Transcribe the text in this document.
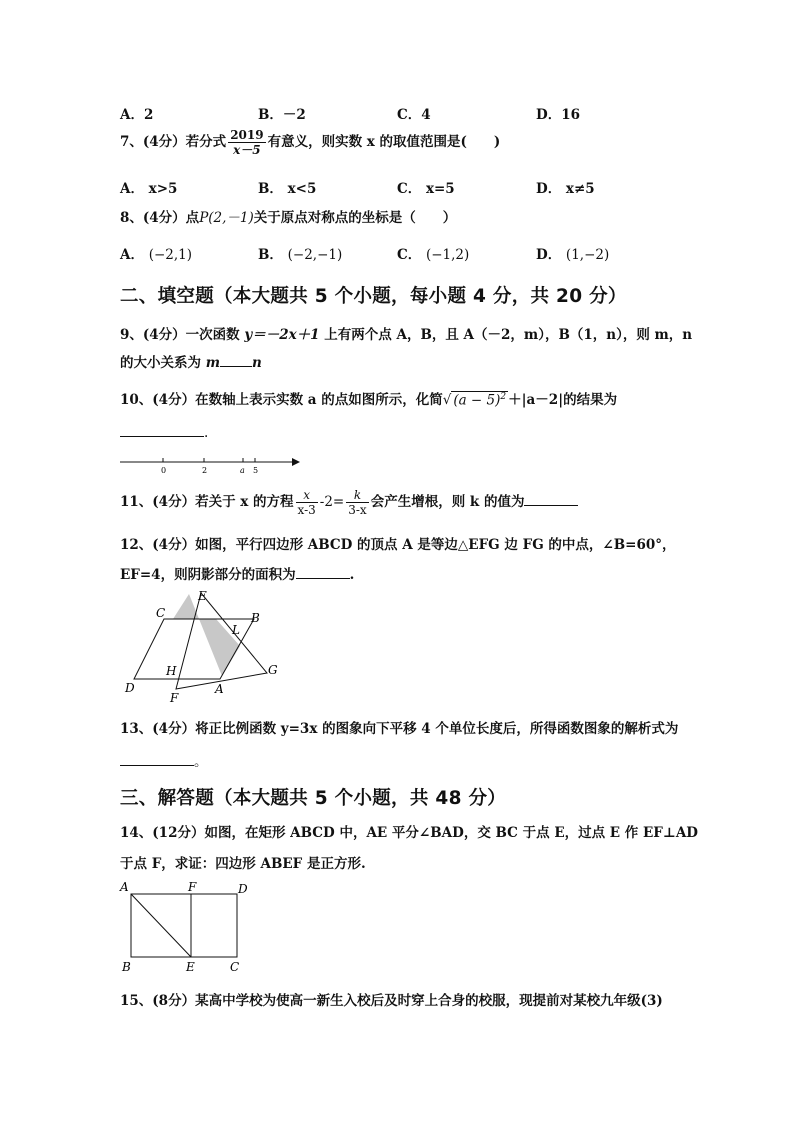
A．2	B．－2	C．4	D．16
7、(4分）若分式 $\frac{2019}{x-5}$ 有意义，则实数 x 的取值范围是(　　)
A． x>5	B． x<5	C． x=5	D． x≠5
8、(4分）点P(2,－1)关于原点对称点的坐标是（　　）
A． (−2,1)	B． (−2,−1)	C． (−1,2)	D． (1,−2)
二、填空题（本大题共 5 个小题，每小题 4 分，共 20 分）
9、(4分）一次函数 y＝－2x＋1 上有两个点 A，B，且 A（－2，m），B（1，n），则 m，n
的大小关系为 m n
10、(4分）在数轴上表示实数 a 的点如图所示，化简√ $(a - 5)^2 +|a-2|$的结果为
.
0	2	a 5
11、(4分）若关于 x 的方程 $\frac{x}{x-3} -2= \frac{k}{3-x}$ 会产生增根，则 k 的值为
12、(4分）如图，平行四边形 ABCD 的顶点 A 是等边△EFG 边 FG 的中点，∠B=60°，
EF=4，则阴影部分的面积为	.
C
E
B
L
H	G
D
F
A
13、(4分）将正比例函数 y=3x 的图象向下平移 4 个单位长度后，所得函数图象的解析式为
。
三、解答题（本大题共 5 个小题，共 48 分）
14、(12分）如图，在矩形 ABCD 中，AE 平分∠BAD，交 BC 于点 E，过点 E 作 EF⊥AD
于点 F，求证：四边形 ABEF 是正方形.
A	F	D
B	E	C
15、(8分）某高中学校为使高一新生入校后及时穿上合身的校服，现提前对某校九年级(3)
